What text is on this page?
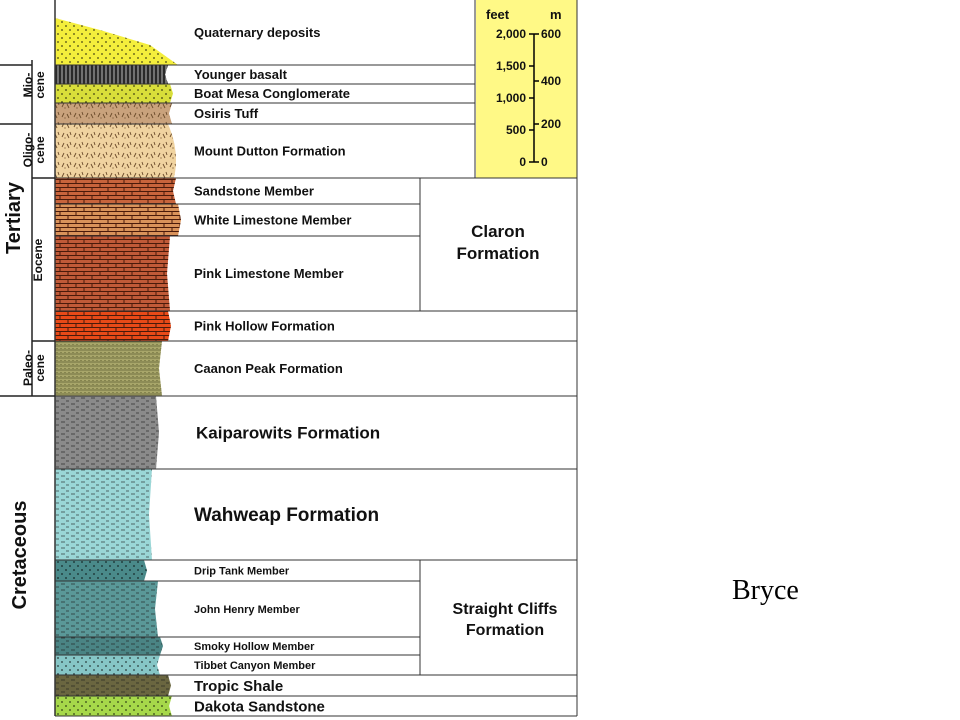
Quaternary deposits
Younger basalt
Boat Mesa Conglomerate
Osiris Tuff
Mount Dutton Formation
Sandstone Member
White Limestone Member
Pink Limestone Member
Pink Hollow Formation
Caanon Peak Formation
Kaiparowits Formation
Wahweap Formation
Drip Tank Member
John Henry Member
Smoky Hollow Member
Tibbet Canyon Member
Tropic Shale
Dakota Sandstone
Tertiary
Cretaceous
Mio-
cene
Oligo-
cene
Eocene
Paleo-
cene
Claron
Formation
Straight Cliffs
Formation
feet	m
2,000
1,500
1,000
500
0
600
400
200
0
Bryce
